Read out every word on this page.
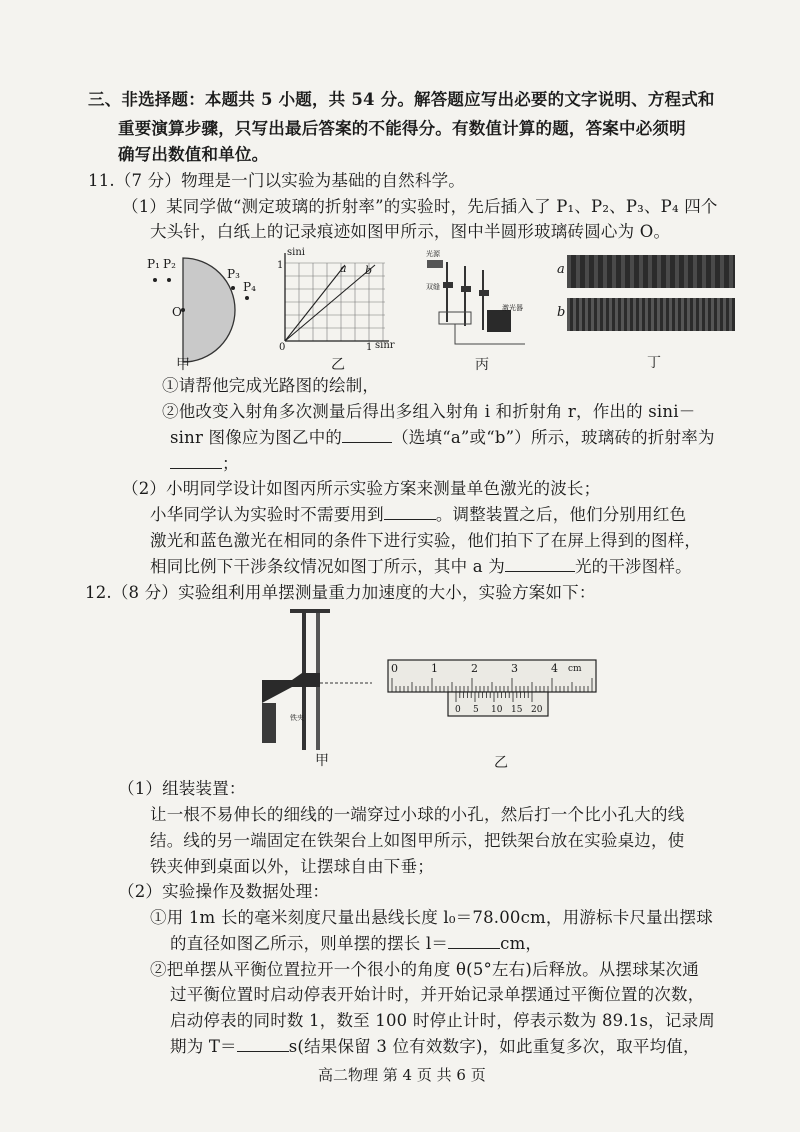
三、非选择题：本题共 5 小题，共 54 分。解答题应写出必要的文字说明、方程式和
重要演算步骤，只写出最后答案的不能得分。有数值计算的题，答案中必须明
确写出数值和单位。
11.（7 分）物理是一门以实验为基础的自然科学。
（1）某同学做“测定玻璃的折射率”的实验时，先后插入了 P₁、P₂、P₃、P₄ 四个
大头针，白纸上的记录痕迹如图甲所示，图中半圆形玻璃砖圆心为 O。
P₁ P₂
P₃
P₄
O
甲
sini
1
0	1 sinr
a b
乙
光源
双缝
激光器
丙
a
b
丁
①请帮他完成光路图的绘制，
②他改变入射角多次测量后得出多组入射角 i 和折射角 r，作出的 sini－
sinr 图像应为图乙中的	（选填“a”或“b”）所示，玻璃砖的折射率为
；
（2）小明同学设计如图丙所示实验方案来测量单色激光的波长；
小华同学认为实验时不需要用到	。调整装置之后，他们分别用红色
激光和蓝色激光在相同的条件下进行实验，他们拍下了在屏上得到的图样，
相同比例下干涉条纹情况如图丁所示，其中 a 为	光的干涉图样。
12.（8 分）实验组利用单摆测量重力加速度的大小，实验方案如下：
铁夹
甲
0	1	2	3	4 cm
0 5 10 15 20
乙
（1）组装装置：
让一根不易伸长的细线的一端穿过小球的小孔，然后打一个比小孔大的线
结。线的另一端固定在铁架台上如图甲所示，把铁架台放在实验桌边，使
铁夹伸到桌面以外，让摆球自由下垂；
（2）实验操作及数据处理：
①用 1m 长的毫米刻度尺量出悬线长度 l₀＝78.00cm，用游标卡尺量出摆球
的直径如图乙所示，则单摆的摆长 l＝	cm，
②把单摆从平衡位置拉开一个很小的角度 θ(5°左右)后释放。从摆球某次通
过平衡位置时启动停表开始计时，并开始记录单摆通过平衡位置的次数，
启动停表的同时数 1，数至 100 时停止计时，停表示数为 89.1s，记录周
期为 T＝	s(结果保留 3 位有效数字)，如此重复多次，取平均值，
高二物理 第 4 页 共 6 页
